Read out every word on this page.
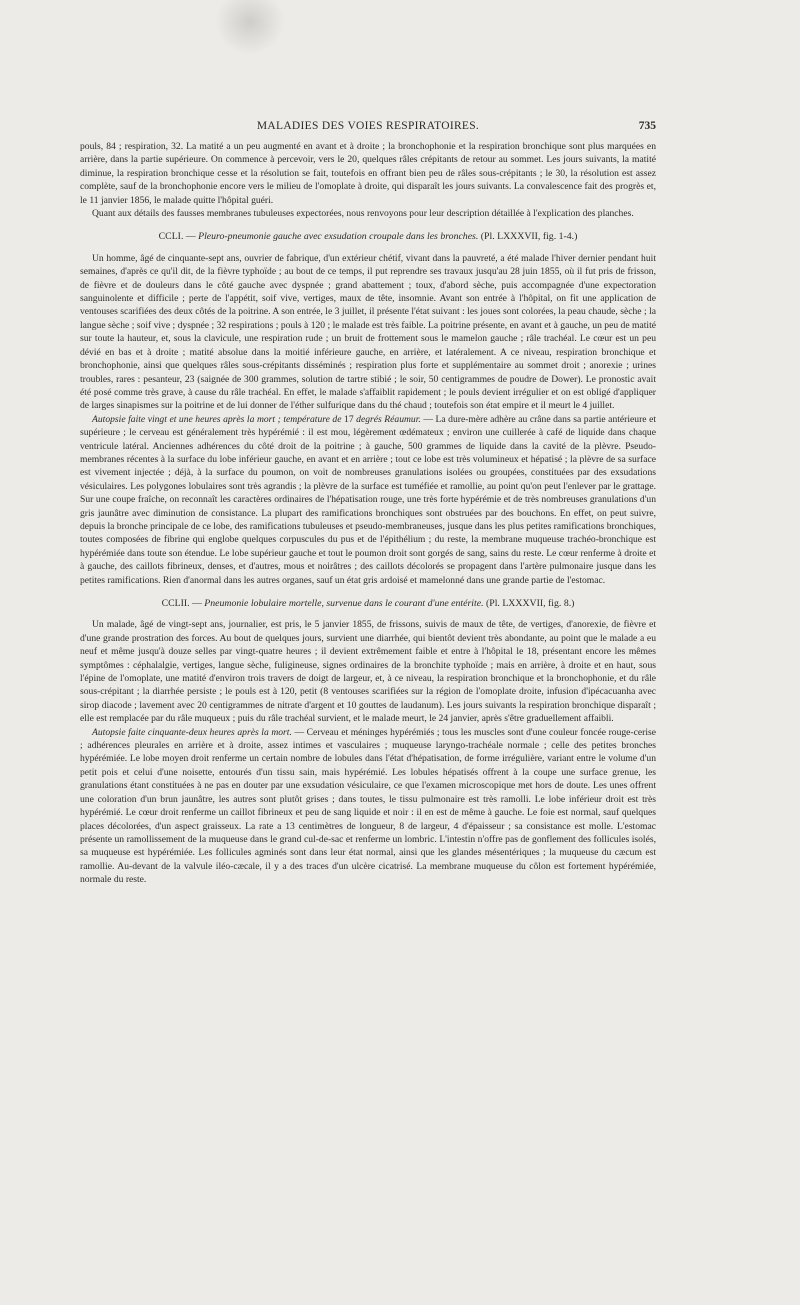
MALADIES DES VOIES RESPIRATOIRES.	735

pouls, 84 ; respiration, 32. La matité a un peu augmenté en avant et à droite ; la bronchophonie et la respiration bronchique sont plus marquées en arrière, dans la partie supérieure. On commence à percevoir, vers le 20, quelques râles crépitants de retour au sommet. Les jours suivants, la matité diminue, la respiration bronchique cesse et la résolution se fait, toutefois en offrant bien peu de râles sous-crépitants ; le 30, la résolution est assez complète, sauf de la bronchophonie encore vers le milieu de l'omoplate à droite, qui disparaît les jours suivants. La convalescence fait des progrès et, le 11 janvier 1856, le malade quitte l'hôpital guéri.

Quant aux détails des fausses membranes tubuleuses expectorées, nous renvoyons pour leur description détaillée à l'explication des planches.

CCLI. — Pleuro-pneumonie gauche avec exsudation croupale dans les bronches. (Pl. LXXXVII, fig. 1-4.)

Un homme, âgé de cinquante-sept ans, ouvrier de fabrique, d'un extérieur chétif, vivant dans la pauvreté, a été malade l'hiver dernier pendant huit semaines, d'après ce qu'il dit, de la fièvre typhoïde ; au bout de ce temps, il put reprendre ses travaux jusqu'au 28 juin 1855, où il fut pris de frisson, de fièvre et de douleurs dans le côté gauche avec dyspnée ; grand abattement ; toux, d'abord sèche, puis accompagnée d'une expectoration sanguinolente et difficile ; perte de l'appétit, soif vive, vertiges, maux de tête, insomnie. Avant son entrée à l'hôpital, on fit une application de ventouses scarifiées des deux côtés de la poitrine. A son entrée, le 3 juillet, il présente l'état suivant : les joues sont colorées, la peau chaude, sèche ; la langue sèche ; soif vive ; dyspnée ; 32 respirations ; pouls à 120 ; le malade est très faible. La poitrine présente, en avant et à gauche, un peu de matité sur toute la hauteur, et, sous la clavicule, une respiration rude ; un bruit de frottement sous le mamelon gauche ; râle trachéal. Le cœur est un peu dévié en bas et à droite ; matité absolue dans la moitié inférieure gauche, en arrière, et latéralement. A ce niveau, respiration bronchique et bronchophonie, ainsi que quelques râles sous-crépitants disséminés ; respiration plus forte et supplémentaire au sommet droit ; anorexie ; urines troubles, rares : pesanteur, 23 (saignée de 300 grammes, solution de tartre stibié ; le soir, 50 centigrammes de poudre de Dower). Le pronostic avait été posé comme très grave, à cause du râle trachéal. En effet, le malade s'affaiblit rapidement ; le pouls devient irrégulier et on est obligé d'appliquer de larges sinapismes sur la poitrine et de lui donner de l'éther sulfurique dans du thé chaud ; toutefois son état empire et il meurt le 4 juillet.

Autopsie faite vingt et une heures après la mort ; température de 17 degrés Réaumur. — La dure-mère adhère au crâne dans sa partie antérieure et supérieure ; le cerveau est généralement très hypérémié : il est mou, légèrement œdémateux ; environ une cuillerée à café de liquide dans chaque ventricule latéral. Anciennes adhérences du côté droit de la poitrine ; à gauche, 500 grammes de liquide dans la cavité de la plèvre. Pseudo-membranes récentes à la surface du lobe inférieur gauche, en avant et en arrière ; tout ce lobe est très volumineux et hépatisé ; la plèvre de sa surface est vivement injectée ; déjà, à la surface du poumon, on voit de nombreuses granulations isolées ou groupées, constituées par des exsudations vésiculaires. Les polygones lobulaires sont très agrandis ; la plèvre de la surface est tuméfiée et ramollie, au point qu'on peut l'enlever par le grattage. Sur une coupe fraîche, on reconnaît les caractères ordinaires de l'hépatisation rouge, une très forte hypérémie et de très nombreuses granulations d'un gris jaunâtre avec diminution de consistance. La plupart des ramifications bronchiques sont obstruées par des bouchons. En effet, on peut suivre, depuis la bronche principale de ce lobe, des ramifications tubuleuses et pseudo-membraneuses, jusque dans les plus petites ramifications bronchiques, toutes composées de fibrine qui englobe quelques corpuscules du pus et de l'épithélium ; du reste, la membrane muqueuse trachéo-bronchique est hypérémiée dans toute son étendue. Le lobe supérieur gauche et tout le poumon droit sont gorgés de sang, sains du reste. Le cœur renferme à droite et à gauche, des caillots fibrineux, denses, et d'autres, mous et noirâtres ; des caillots décolorés se propagent dans l'artère pulmonaire jusque dans les petites ramifications. Rien d'anormal dans les autres organes, sauf un état gris ardoisé et mamelonné dans une grande partie de l'estomac.

CCLII. — Pneumonie lobulaire mortelle, survenue dans le courant d'une entérite. (Pl. LXXXVII, fig. 8.)

Un malade, âgé de vingt-sept ans, journalier, est pris, le 5 janvier 1855, de frissons, suivis de maux de tête, de vertiges, d'anorexie, de fièvre et d'une grande prostration des forces. Au bout de quelques jours, survient une diarrhée, qui bientôt devient très abondante, au point que le malade a eu neuf et même jusqu'à douze selles par vingt-quatre heures ; il devient extrêmement faible et entre à l'hôpital le 18, présentant encore les mêmes symptômes : céphalalgie, vertiges, langue sèche, fuligineuse, signes ordinaires de la bronchite typhoïde ; mais en arrière, à droite et en haut, sous l'épine de l'omoplate, une matité d'environ trois travers de doigt de largeur, et, à ce niveau, la respiration bronchique et la bronchophonie, et du râle sous-crépitant ; la diarrhée persiste ; le pouls est à 120, petit (8 ventouses scarifiées sur la région de l'omoplate droite, infusion d'ipécacuanha avec sirop diacode ; lavement avec 20 centigrammes de nitrate d'argent et 10 gouttes de laudanum). Les jours suivants la respiration bronchique disparaît ; elle est remplacée par du râle muqueux ; puis du râle trachéal survient, et le malade meurt, le 24 janvier, après s'être graduellement affaibli.

Autopsie faite cinquante-deux heures après la mort. — Cerveau et méninges hypérémiés ; tous les muscles sont d'une couleur foncée rouge-cerise ; adhérences pleurales en arrière et à droite, assez intimes et vasculaires ; muqueuse laryngo-trachéale normale ; celle des petites bronches hypérémiée. Le lobe moyen droit renferme un certain nombre de lobules dans l'état d'hépatisation, de forme irrégulière, variant entre le volume d'un petit pois et celui d'une noisette, entourés d'un tissu sain, mais hypérémié. Les lobules hépatisés offrent à la coupe une surface grenue, les granulations étant constituées à ne pas en douter par une exsudation vésiculaire, ce que l'examen microscopique met hors de doute. Les unes offrent une coloration d'un brun jaunâtre, les autres sont plutôt grises ; dans toutes, le tissu pulmonaire est très ramolli. Le lobe inférieur droit est très hypérémié. Le cœur droit renferme un caillot fibrineux et peu de sang liquide et noir : il en est de même à gauche. Le foie est normal, sauf quelques places décolorées, d'un aspect graisseux. La rate a 13 centimètres de longueur, 8 de largeur, 4 d'épaisseur ; sa consistance est molle. L'estomac présente un ramollissement de la muqueuse dans le grand cul-de-sac et renferme un lombric. L'intestin n'offre pas de gonflement des follicules isolés, sa muqueuse est hypérémiée. Les follicules agminés sont dans leur état normal, ainsi que les glandes mésentériques ; la muqueuse du cæcum est ramollie. Au-devant de la valvule iléo-cæcale, il y a des traces d'un ulcère cicatrisé. La membrane muqueuse du côlon est fortement hypérémiée, normale du reste.
